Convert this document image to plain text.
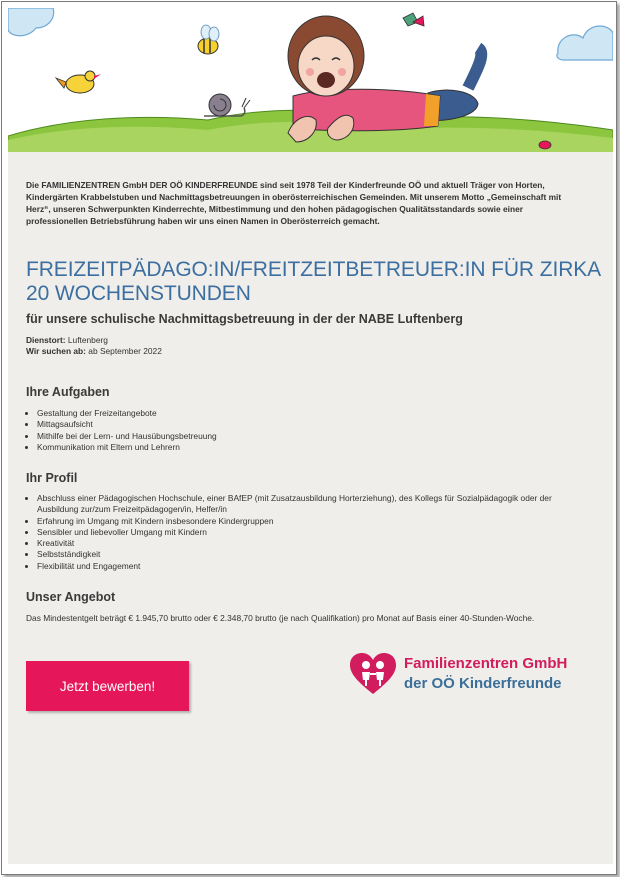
Die FAMILIENZENTREN GmbH DER OÖ KINDERFREUNDE sind seit 1978 Teil der Kinderfreunde OÖ und aktuell Träger von Horten, Kindergärten Krabbelstuben und Nachmittagsbetreuungen in oberösterreichischen Gemeinden. Mit unserem Motto „Gemeinschaft mit Herz“, unseren Schwerpunkten Kinderrechte, Mitbestimmung und den hohen pädagogischen Qualitätsstandards sowie einer professionellen Betriebsführung haben wir uns einen Namen in Oberösterreich gemacht.
FREIZEITPÄDAGO:IN/FREITZEITBETREUER:IN FÜR ZIRKA 20 WOCHENSTUNDEN
für unsere schulische Nachmittagsbetreuung in der der NABE Luftenberg
Dienstort: Luftenberg
Wir suchen ab: ab September 2022
Ihre Aufgaben
• Gestaltung der Freizeitangebote
• Mittagsaufsicht
• Mithilfe bei der Lern- und Hausübungsbetreuung
• Kommunikation mit Eltern und Lehrern
Ihr Profil
• Abschluss einer Pädagogischen Hochschule, einer BAfEP (mit Zusatzausbildung Horterziehung), des Kollegs für Sozialpädagogik oder der Ausbildung zur/zum Freizeitpädagogen/in, Helfer/in
• Erfahrung im Umgang mit Kindern insbesondere Kindergruppen
• Sensibler und liebevoller Umgang mit Kindern
• Kreativität
• Selbstständigkeit
• Flexibilität und Engagement
Unser Angebot
Das Mindestentgelt beträgt € 1.945,70 brutto oder € 2.348,70 brutto (je nach Qualifikation) pro Monat auf Basis einer 40-Stunden-Woche.
Jetzt bewerben!
Familienzentren GmbH
der OÖ Kinderfreunde
